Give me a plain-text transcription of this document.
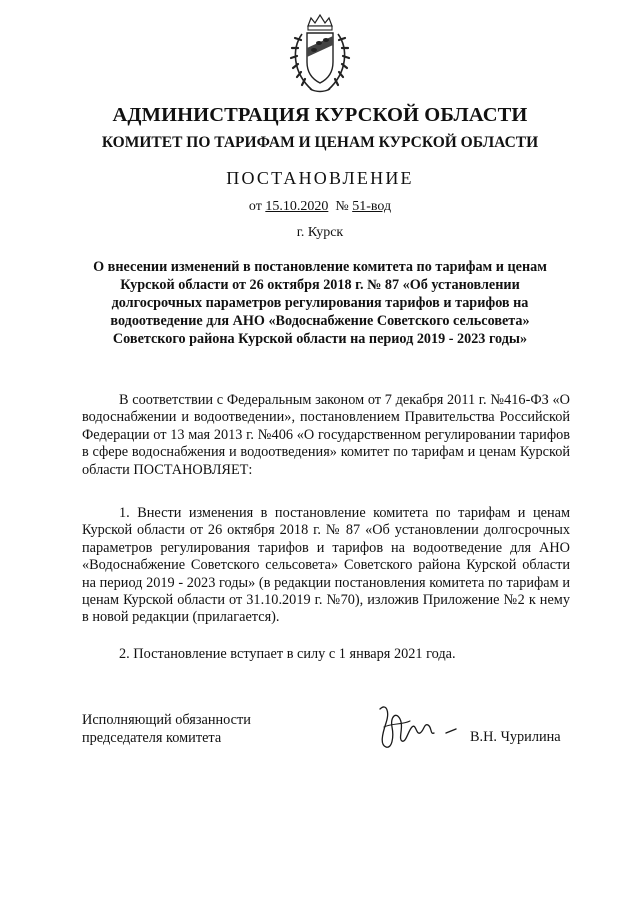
АДМИНИСТРАЦИЯ КУРСКОЙ ОБЛАСТИ
КОМИТЕТ ПО ТАРИФАМ И ЦЕНАМ КУРСКОЙ ОБЛАСТИ
ПОСТАНОВЛЕНИЕ
от 15.10.2020 № 51-вод
г. Курск
О внесении изменений в постановление комитета по тарифам и ценам Курской области от 26 октября 2018 г. № 87 «Об установлении долгосрочных параметров регулирования тарифов и тарифов на водоотведение для АНО «Водоснабжение Советского сельсовета» Советского района Курской области на период 2019 - 2023 годы»
В соответствии с Федеральным законом от 7 декабря 2011 г. №416-ФЗ «О водоснабжении и водоотведении», постановлением Правительства Российской Федерации от 13 мая 2013 г. №406 «О государственном регулировании тарифов в сфере водоснабжения и водоотведения» комитет по тарифам и ценам Курской области ПОСТАНОВЛЯЕТ:
1. Внести изменения в постановление комитета по тарифам и ценам Курской области от 26 октября 2018 г. № 87 «Об установлении долгосрочных параметров регулирования тарифов и тарифов на водоотведение для АНО «Водоснабжение Советского сельсовета» Советского района Курской области на период 2019 - 2023 годы» (в редакции постановления комитета по тарифам и ценам Курской области от 31.10.2019 г. №70), изложив Приложение №2 к нему в новой редакции (прилагается).
2. Постановление вступает в силу с 1 января 2021 года.
Исполняющий обязанности
председателя комитета	В.Н. Чурилина
